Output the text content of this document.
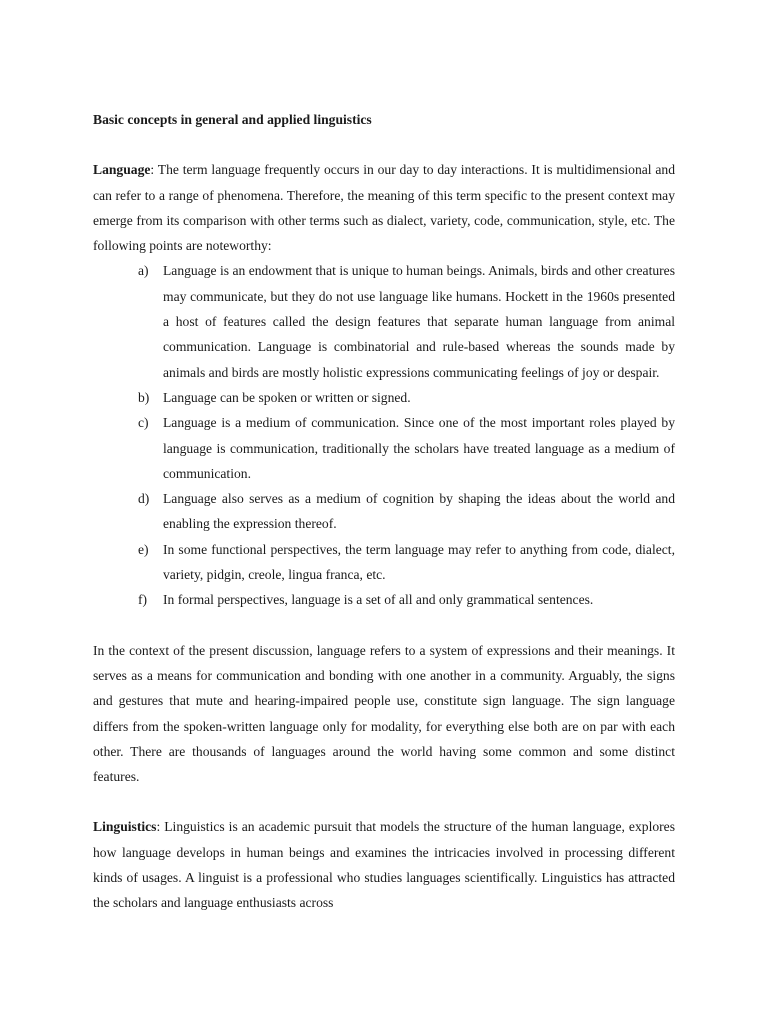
Basic concepts in general and applied linguistics

Language: The term language frequently occurs in our day to day interactions. It is multidimensional and can refer to a range of phenomena. Therefore, the meaning of this term specific to the present context may emerge from its comparison with other terms such as dialect, variety, code, communication, style, etc. The following points are noteworthy:

a) Language is an endowment that is unique to human beings. Animals, birds and other creatures may communicate, but they do not use language like humans. Hockett in the 1960s presented a host of features called the design features that separate human language from animal communication. Language is combinatorial and rule-based whereas the sounds made by animals and birds are mostly holistic expressions communicating feelings of joy or despair.
b) Language can be spoken or written or signed.
c) Language is a medium of communication. Since one of the most important roles played by language is communication, traditionally the scholars have treated language as a medium of communication.
d) Language also serves as a medium of cognition by shaping the ideas about the world and enabling the expression thereof.
e) In some functional perspectives, the term language may refer to anything from code, dialect, variety, pidgin, creole, lingua franca, etc.
f) In formal perspectives, language is a set of all and only grammatical sentences.

In the context of the present discussion, language refers to a system of expressions and their meanings. It serves as a means for communication and bonding with one another in a community. Arguably, the signs and gestures that mute and hearing-impaired people use, constitute sign language. The sign language differs from the spoken-written language only for modality, for everything else both are on par with each other. There are thousands of languages around the world having some common and some distinct features.

Linguistics: Linguistics is an academic pursuit that models the structure of the human language, explores how language develops in human beings and examines the intricacies involved in processing different kinds of usages. A linguist is a professional who studies languages scientifically. Linguistics has attracted the scholars and language enthusiasts across
